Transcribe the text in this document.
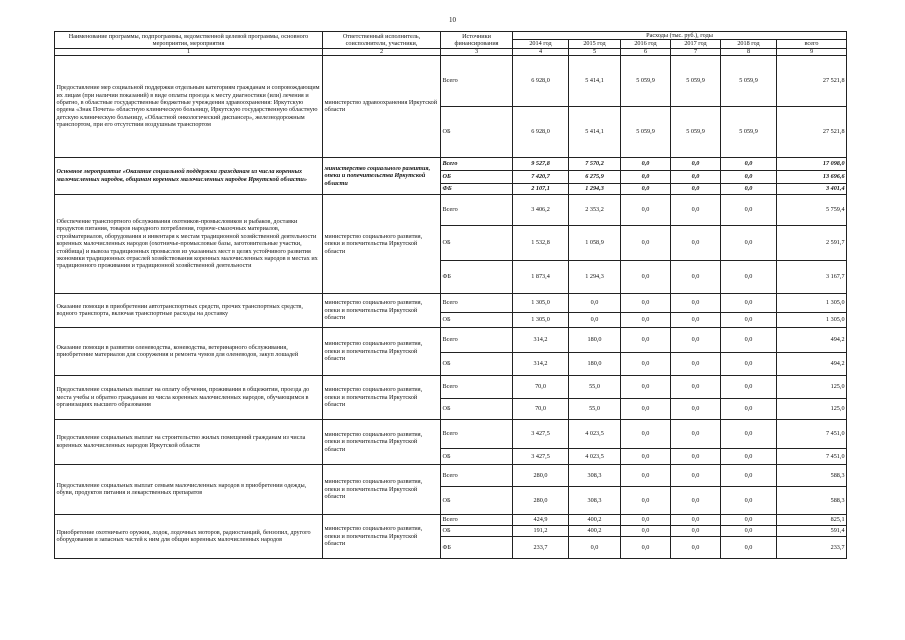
10
Наименование программы, подпрограммы, ведомственной целевой программы, основного мероприятия, мероприятия	Ответственный исполнитель, соисполнители, участники,	Источники финансирования	Расходы (тыс. руб.), годы					
			2014 год	2015 год	2016 год	2017 год	2018 год	всего
1	2	3	4	5	6	7	8	9
Предоставление мер социальной поддержки отдельным категориям гражданам и сопровождающим их лицам (при наличии показаний) в виде оплаты проезда к месту диагностики (или) лечения и обратно, в областные государственные бюджетные учреждения здравоохранения: Иркутскую ордена «Знак Почета» областную клиническую больницу, Иркутскую государственную областную детскую клиническую больницу, «Областной онкологический диспансер», железнодорожным транспортом, при его отсутствии воздушным транспортом	министерство здравоохранения Иркутской области	Всего	6 928,0	5 414,1	5 059,9	5 059,9	5 059,9	27 521,8
		ОБ	6 928,0	5 414,1	5 059,9	5 059,9	5 059,9	27 521,8
Основное мероприятие «Оказание социальной поддержки гражданам из числа коренных малочисленных народов, общинам коренных малочисленных народов Иркутской области»	министерство социального развития, опеки и попечительства Иркутской области	Всего	9 527,8	7 570,2	0,0	0,0	0,0	17 098,0
		ОБ	7 420,7	6 275,9	0,0	0,0	0,0	13 696,6
		ФБ	2 107,1	1 294,3	0,0	0,0	0,0	3 401,4
Обеспечение транспортного обслуживания охотников-промысловиков и рыбаков, доставки продуктов питания, товаров народного потребления, горюче-смазочных материалов, стройматериалов, оборудования и инвентаря к местам традиционной хозяйственной деятельности коренных малочисленных народов (охотничье-промысловые базы, заготовительные участки, стойбища) и вывоза традиционных промыслов из указанных мест в целях устойчивого развития экономики традиционных отраслей хозяйствования коренных малочисленных народов в местах их традиционного проживания и традиционной хозяйственной деятельности	министерство социального развития, опеки и попечительства Иркутской области	Всего	3 406,2	2 353,2	0,0	0,0	0,0	5 759,4
		ОБ	1 532,8	1 058,9	0,0	0,0	0,0	2 591,7
		ФБ	1 873,4	1 294,3	0,0	0,0	0,0	3 167,7
Оказание помощи в приобретении автотранспортных средств, прочих транспортных средств, водного транспорта, включая транспортные расходы на доставку	министерство социального развития, опеки и попечительства Иркутской области	Всего	1 305,0	0,0	0,0	0,0	0,0	1 305,0
		ОБ	1 305,0	0,0	0,0	0,0	0,0	1 305,0
Оказание помощи в развитии оленеводства, коневодства, ветеринарного обслуживания, приобретение материалов для сооружения и ремонта чумов для оленеводов, закуп лошадей	министерство социального развития, опеки и попечительства Иркутской области	Всего	314,2	180,0	0,0	0,0	0,0	494,2
		ОБ	314,2	180,0	0,0	0,0	0,0	494,2
Предоставление социальных выплат на оплату обучения, проживания в общежитии, проезда до места учебы и обратно гражданам из числа коренных малочисленных народов, обучающимся в организациях высшего образования	министерство социального развития, опеки и попечительства Иркутской области	Всего	70,0	55,0	0,0	0,0	0,0	125,0
		ОБ	70,0	55,0	0,0	0,0	0,0	125,0
Предоставление социальных выплат на строительство жилых помещений гражданам из числа коренных малочисленных народов Иркутской области	министерство социального развития, опеки и попечительства Иркутской области	Всего	3 427,5	4 023,5	0,0	0,0	0,0	7 451,0
		ОБ	3 427,5	4 023,5	0,0	0,0	0,0	7 451,0
Предоставление социальных выплат семьям малочисленных народов в приобретении одежды, обуви, продуктов питания и лекарственных препаратов	министерство социального развития, опеки и попечительства Иркутской области	Всего	280,0	308,3	0,0	0,0	0,0	588,3
		ОБ	280,0	308,3	0,0	0,0	0,0	588,3
Приобретение охотничьего оружия, лодок, лодочных моторов, радиостанций, бензопил, другого оборудования и запасных частей к ним для общин коренных малочисленных народов	министерство социального развития, опеки и попечительства Иркутской области	Всего	424,9	400,2	0,0	0,0	0,0	825,1
		ОБ	191,2	400,2	0,0	0,0	0,0	591,4
		ФБ	233,7	0,0	0,0	0,0	0,0	233,7
